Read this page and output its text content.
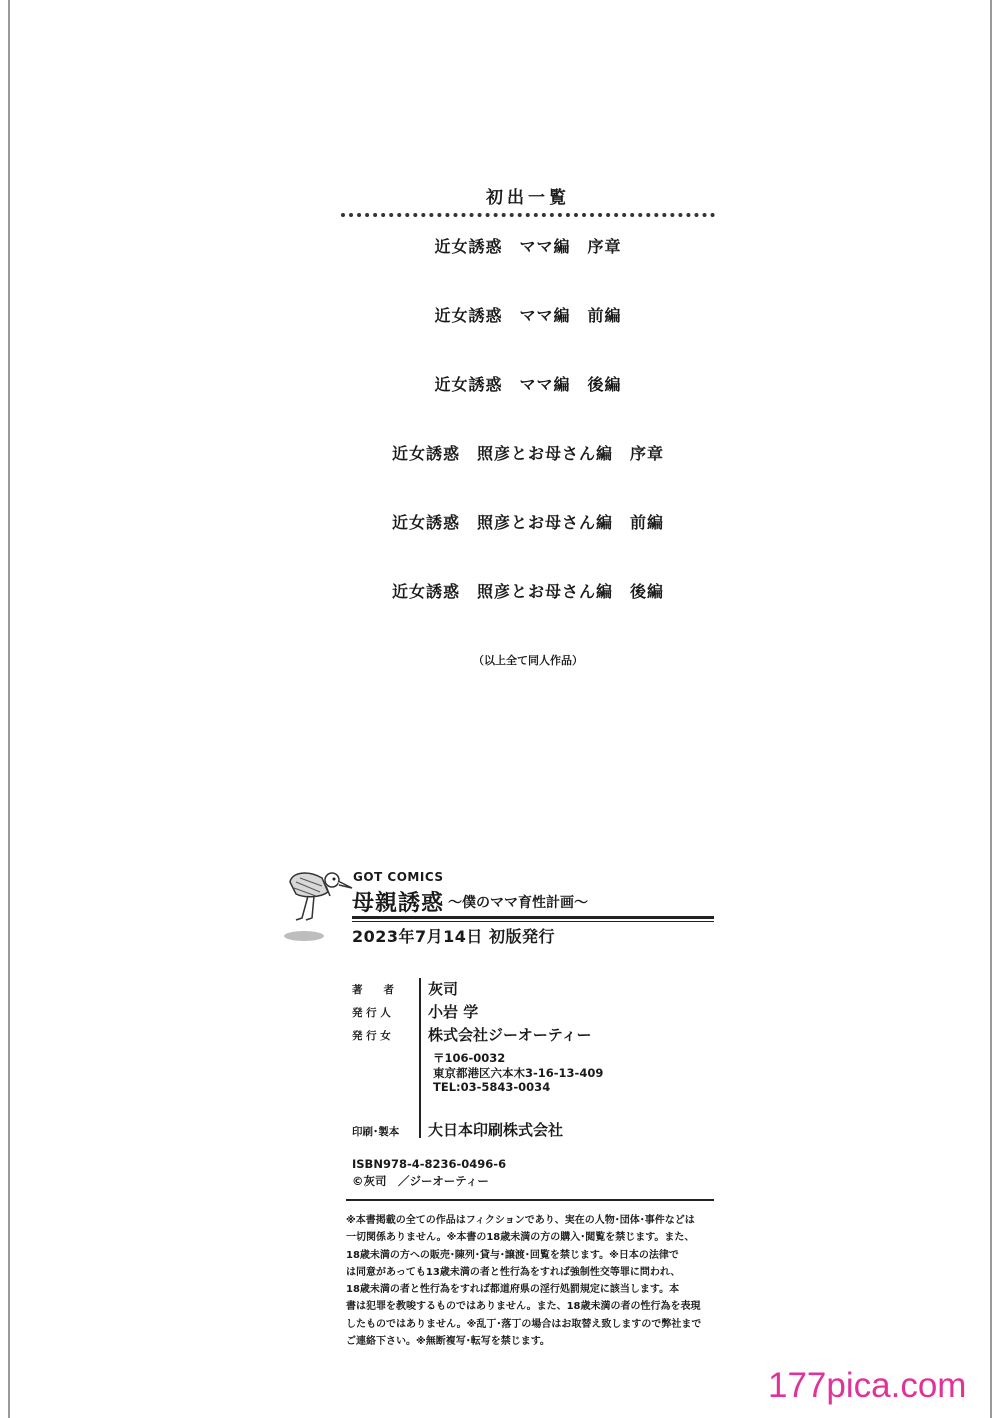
初出一覧
近女誘惑　ママ編　序章
近女誘惑　ママ編　前編
近女誘惑　ママ編　後編
近女誘惑　照彦とお母さん編　序章
近女誘惑　照彦とお母さん編　前編
近女誘惑　照彦とお母さん編　後編
（以上全て同人作品）
GOT COMICS
母親誘惑 ～僕のママ育性計画～
2023年7月14日 初版発行
著　　者	灰司
発 行 人	小岩 学
発 行 女	株式会社ジーオーティー
〒106-0032
東京都港区六本木3-16-13-409
TEL:03-5843-0034
印刷･製本	大日本印刷株式会社
ISBN978-4-8236-0496-6
©灰司　／ジーオーティー
※本書掲載の全ての作品はフィクションであり、実在の人物･団体･事件などは
一切関係ありません。※本書の18歳未満の方の購入･閲覧を禁じます。また、
18歳未満の方への販売･陳列･貸与･譲渡･回覧を禁じます。※日本の法律で
は同意があっても13歳未満の者と性行為をすれば強制性交等罪に問われ、
18歳未満の者と性行為をすれば都道府県の淫行処罰規定に該当します。本
書は犯罪を教唆するものではありません。また、18歳未満の者の性行為を表現
したものではありません。※乱丁･落丁の場合はお取替え致しますので弊社まで
ご連絡下さい。※無断複写･転写を禁じます。
177pica.com
